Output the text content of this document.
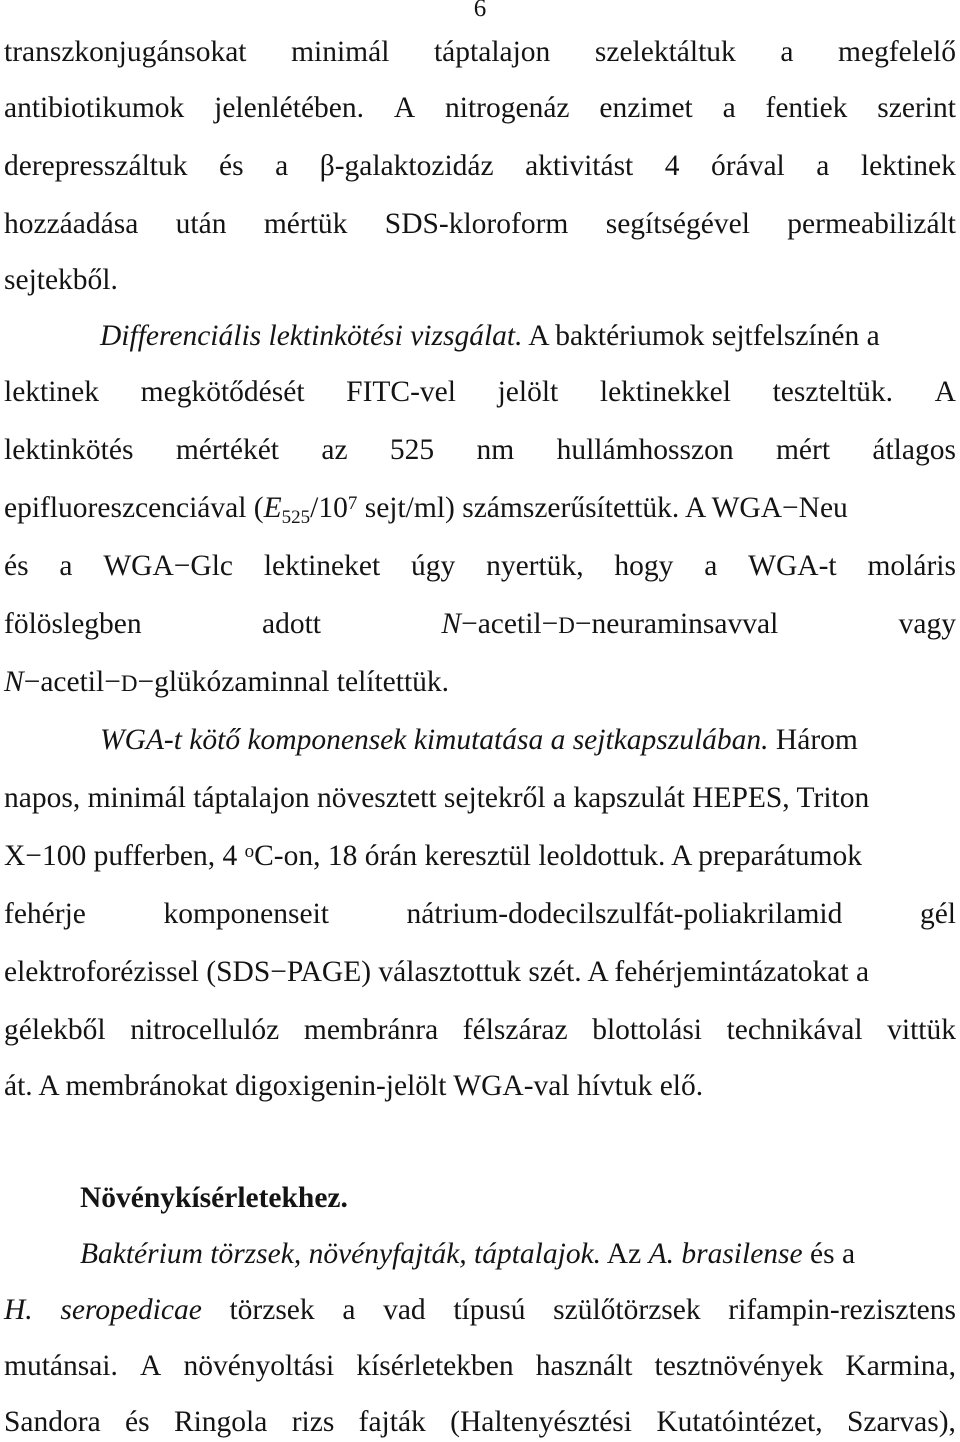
6
transzkonjugánsokat minimál táptalajon szelektáltuk a megfelelő
antibiotikumok jelenlétében. A nitrogenáz enzimet a fentiek szerint
derepresszáltuk és a β-galaktozidáz aktivitást 4 órával a lektinek
hozzáadása után mértük SDS-kloroform segítségével permeabilizált
sejtekből.
Differenciális lektinkötési vizsgálat. A baktériumok sejtfelszínén a
lektinek megkötődését FITC-vel jelölt lektinekkel teszteltük. A
lektinkötés mértékét az 525 nm hullámhosszon mért átlagos
epifluoreszcenciával ($E_{525}/10^7$ sejt/ml) számszerűsítettük. A WGA−Neu
és a WGA−Glc lektineket úgy nyertük, hogy a WGA-t moláris
fölöslegben	adott	N−acetil−D−neuraminsavval	vagy
N−acetil−D−glükózaminnal telítettük.
WGA-t kötő komponensek kimutatása a sejtkapszulában. Három
napos, minimál táptalajon növesztett sejtekről a kapszulát HEPES, Triton
X−100 pufferben, 4 $^o$C-on, 18 órán keresztül leoldottuk. A preparátumok
fehérje	komponenseit	nátrium-dodecilszulfát-poliakrilamid	gél
elektroforézissel (SDS−PAGE) választottuk szét. A fehérjemintázatokat a
gélekből nitrocellulóz membránra félszáraz blottolási technikával vittük
át. A membránokat digoxigenin-jelölt WGA-val hívtuk elő.
Növénykísérletekhez.
Baktérium törzsek, növényfajták, táptalajok. Az A. brasilense és a
H. seropedicae törzsek a vad típusú szülőtörzsek rifampin-rezisztens
mutánsai. A növényoltási kísérletekben használt tesztnövények Karmina,
Sandora és Ringola rizs fajták (Haltenyésztési Kutatóintézet, Szarvas),
